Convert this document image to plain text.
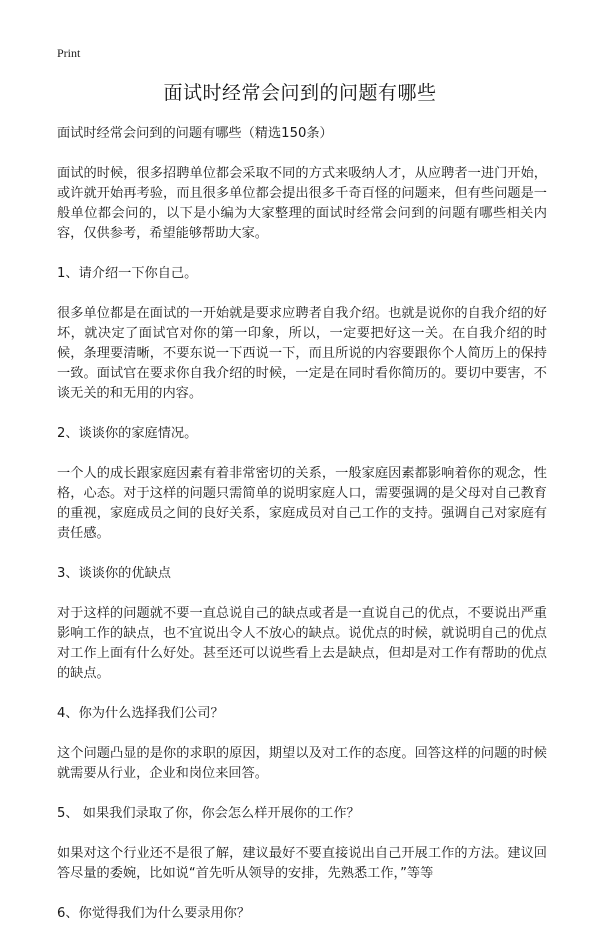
Print
面试时经常会问到的问题有哪些

面试时经常会问到的问题有哪些（精选150条）

面试的时候，很多招聘单位都会采取不同的方式来吸纳人才，从应聘者一进门开始，或许就开始再考验，而且很多单位都会提出很多千奇百怪的问题来，但有些问题是一般单位都会问的，以下是小编为大家整理的面试时经常会问到的问题有哪些相关内容，仅供参考，希望能够帮助大家。

1、请介绍一下你自己。

很多单位都是在面试的一开始就是要求应聘者自我介绍。也就是说你的自我介绍的好坏，就决定了面试官对你的第一印象，所以，一定要把好这一关。在自我介绍的时候，条理要清晰，不要东说一下西说一下，而且所说的内容要跟你个人简历上的保持一致。面试官在要求你自我介绍的时候，一定是在同时看你简历的。要切中要害，不谈无关的和无用的内容。

2、谈谈你的家庭情况。

一个人的成长跟家庭因素有着非常密切的关系，一般家庭因素都影响着你的观念，性格，心态。对于这样的问题只需简单的说明家庭人口，需要强调的是父母对自己教育的重视，家庭成员之间的良好关系，家庭成员对自己工作的支持。强调自己对家庭有责任感。

3、谈谈你的优缺点

对于这样的问题就不要一直总说自己的缺点或者是一直说自己的优点，不要说出严重影响工作的缺点，也不宜说出令人不放心的缺点。说优点的时候，就说明自己的优点对工作上面有什么好处。甚至还可以说些看上去是缺点，但却是对工作有帮助的优点的缺点。

4、你为什么选择我们公司？

这个问题凸显的是你的求职的原因，期望以及对工作的态度。回答这样的问题的时候就需要从行业，企业和岗位来回答。

5、 如果我们录取了你，你会怎么样开展你的工作？

如果对这个行业还不是很了解，建议最好不要直接说出自己开展工作的方法。建议回答尽量的委婉，比如说“首先听从领导的安排，先熟悉工作，”等等

6、你觉得我们为什么要录用你？
